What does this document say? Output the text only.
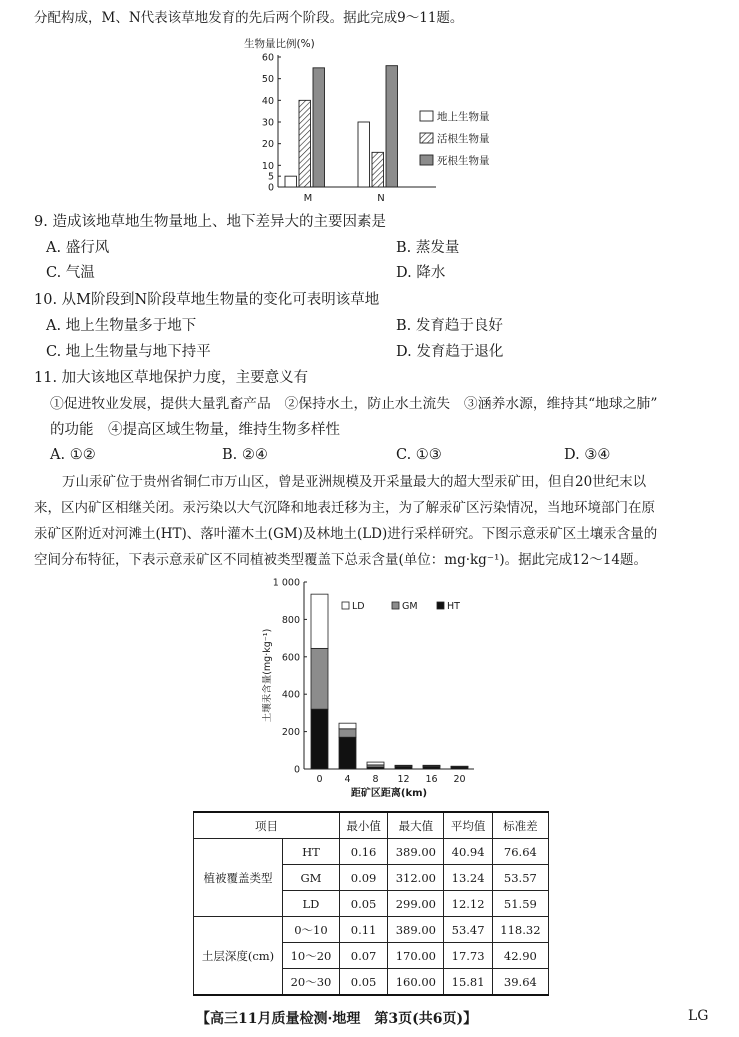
分配构成，M、N代表该草地发育的先后两个阶段。据此完成9～11题。
生物量比例(%)
0
5
10
20
30
40
50
60
M	N
地上生物量
活根生物量
死根生物量
9. 造成该地草地生物量地上、地下差异大的主要因素是
A. 盛行风	B. 蒸发量
C. 气温	D. 降水
10. 从M阶段到N阶段草地生物量的变化可表明该草地
A. 地上生物量多于地下	B. 发育趋于良好
C. 地上生物量与地下持平	D. 发育趋于退化
11. 加大该地区草地保护力度，主要意义有
①促进牧业发展，提供大量乳畜产品　②保持水土，防止水土流失　③涵养水源，维持其“地球之肺”
的功能　④提高区域生物量，维持生物多样性
A. ①②	B. ②④	C. ①③	D. ③④
万山汞矿位于贵州省铜仁市万山区，曾是亚洲规模及开采量最大的超大型汞矿田，但自20世纪末以
来，区内矿区相继关闭。汞污染以大气沉降和地表迁移为主，为了解汞矿区污染情况，当地环境部门在原
汞矿区附近对河滩土(HT)、落叶灌木土(GM)及林地土(LD)进行采样研究。下图示意汞矿区土壤汞含量的
空间分布特征，下表示意汞矿区不同植被类型覆盖下总汞含量(单位：mg·kg⁻¹)。据此完成12～14题。
0
200
400
600
800
1 000
土壤汞含量(mg·kg⁻¹)
0 4 8 12 16 20
距矿区距离(km)
LD	GM	HT
项目		最小值	最大值	平均值	标准差
植被覆盖类型	HT	0.16	389.00	40.94	76.64
	GM	0.09	312.00	13.24	53.57
	LD	0.05	299.00	12.12	51.59
土层深度(cm)	0～10	0.11	389.00	53.47	118.32
	10～20	0.07	170.00	17.73	42.90
	20～30	0.05	160.00	15.81	39.64
【高三11月质量检测·地理　第3页(共6页)】	LG
